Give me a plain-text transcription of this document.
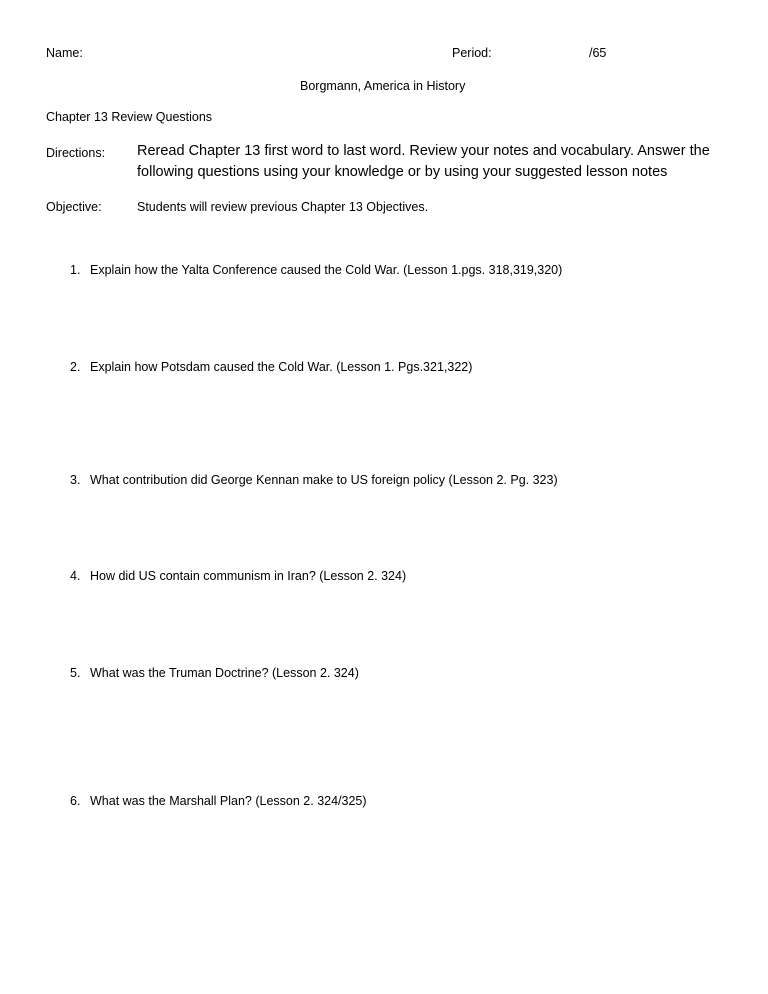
Name:	Period:	/65
Borgmann, America in History
Chapter 13 Review Questions
Directions: Reread Chapter 13 first word to last word. Review your notes and vocabulary. Answer the following questions using your knowledge or by using your suggested lesson notes
Objective:	Students will review previous Chapter 13 Objectives.
1. Explain how the Yalta Conference caused the Cold War. (Lesson 1.pgs. 318,319,320)
2. Explain how Potsdam caused the Cold War. (Lesson 1. Pgs.321,322)
3. What contribution did George Kennan make to US foreign policy (Lesson 2. Pg. 323)
4. How did US contain communism in Iran? (Lesson 2. 324)
5. What was the Truman Doctrine? (Lesson 2. 324)
6. What was the Marshall Plan? (Lesson 2. 324/325)
